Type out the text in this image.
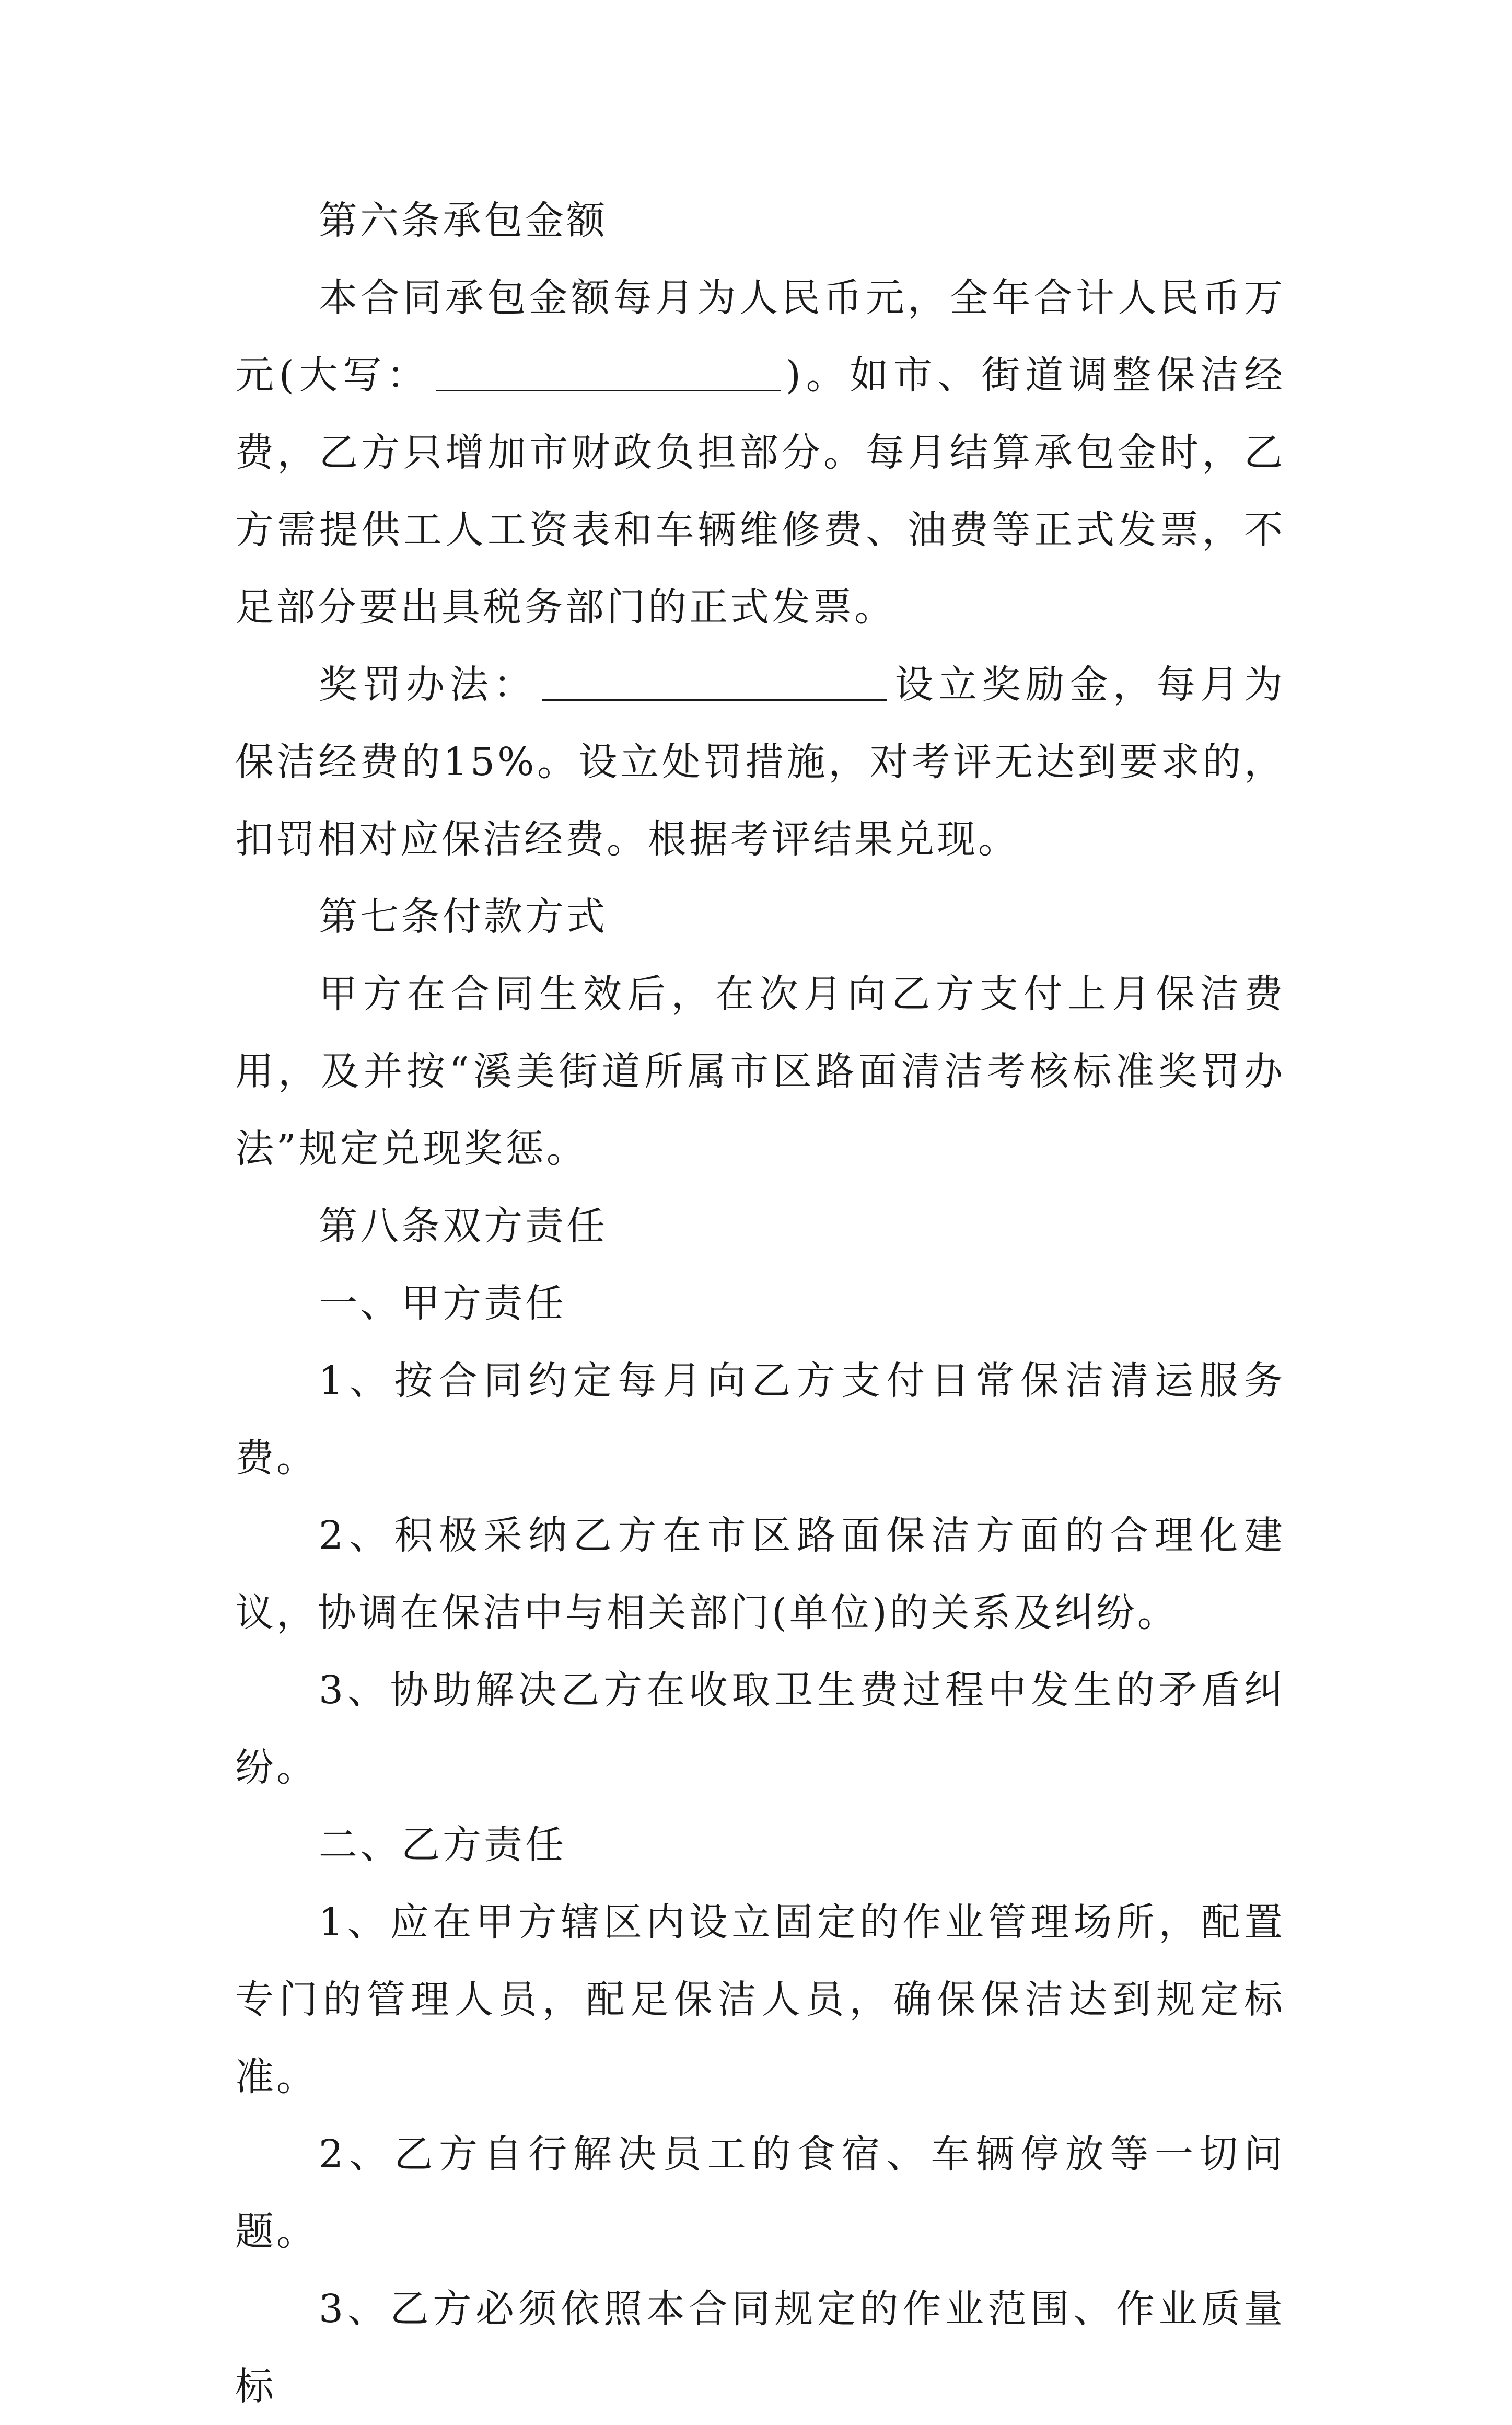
第六条承包金额

本合同承包金额每月为人民币元，全年合计人民币万元(大写：	)。如市、街道调整保洁经费，乙方只增加市财政负担部分。每月结算承包金时，乙方需提供工人工资表和车辆维修费、油费等正式发票，不足部分要出具税务部门的正式发票。

奖罚办法：	设立奖励金，每月为保洁经费的15%。设立处罚措施，对考评无达到要求的，扣罚相对应保洁经费。根据考评结果兑现。

第七条付款方式

甲方在合同生效后，在次月向乙方支付上月保洁费用，及并按“溪美街道所属市区路面清洁考核标准奖罚办法”规定兑现奖惩。

第八条双方责任

一、甲方责任

1、按合同约定每月向乙方支付日常保洁清运服务费。

2、积极采纳乙方在市区路面保洁方面的合理化建议，协调在保洁中与相关部门(单位)的关系及纠纷。

3、协助解决乙方在收取卫生费过程中发生的矛盾纠纷。

二、乙方责任

1、应在甲方辖区内设立固定的作业管理场所，配置专门的管理人员，配足保洁人员，确保保洁达到规定标准。

2、乙方自行解决员工的食宿、车辆停放等一切问题。

3、乙方必须依照本合同规定的作业范围、作业质量标
